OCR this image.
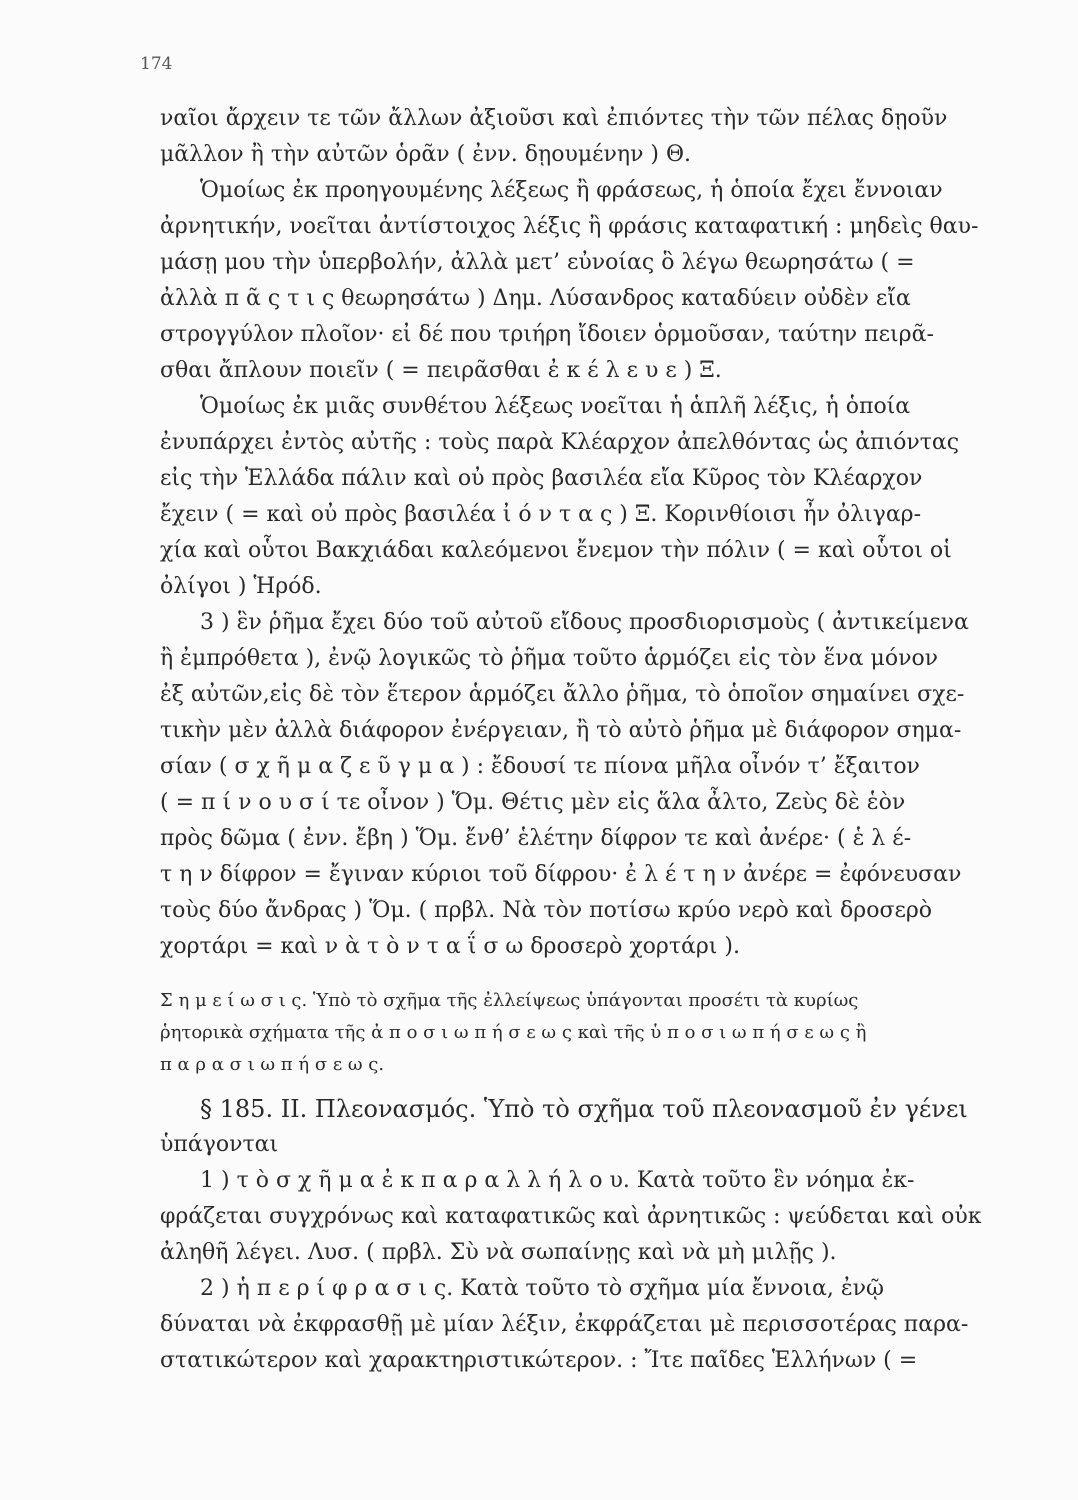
174
ναῖοι ἄρχειν τε τῶν ἄλλων ἀξιοῦσι καὶ ἐπιόντες τὴν τῶν πέλας δῃοῦν
μᾶλλον ἢ τὴν αὐτῶν ὁρᾶν ( ἐνν. δῃουμένην ) Θ.
Ὁμοίως ἐκ προηγουμένης λέξεως ἢ φράσεως, ἡ ὁποία ἔχει ἔννοιαν
ἀρνητικήν, νοεῖται ἀντίστοιχος λέξις ἢ φράσις καταφατική : μηδεὶς θαυ-
μάσῃ μου τὴν ὑπερβολήν, ἀλλὰ μετ’ εὐνοίας ὃ λέγω θεωρησάτω ( =
ἀλλὰ π ᾶ ς τ ι ς θεωρησάτω ) Δημ. Λύσανδρος καταδύειν οὐδὲν εἴα
στρογγύλον πλοῖον· εἰ δέ που τριήρη ἴδοιεν ὁρμοῦσαν, ταύτην πειρᾶ-
σθαι ἄπλουν ποιεῖν ( = πειρᾶσθαι ἐ κ έ λ ε υ ε ) Ξ.
Ὁμοίως ἐκ μιᾶς συνθέτου λέξεως νοεῖται ἡ ἁπλῆ λέξις, ἡ ὁποία
ἐνυπάρχει ἐντὸς αὐτῆς : τοὺς παρὰ Κλέαρχον ἀπελθόντας ὡς ἀπιόντας
εἰς τὴν Ἑλλάδα πάλιν καὶ οὐ πρὸς βασιλέα εἴα Κῦρος τὸν Κλέαρχον
ἔχειν ( = καὶ οὐ πρὸς βασιλέα ἰ ό ν τ α ς ) Ξ. Κορινθίοισι ἦν ὀλιγαρ-
χία καὶ οὗτοι Βακχιάδαι καλεόμενοι ἔνεμον τὴν πόλιν ( = καὶ οὗτοι οἱ
ὀλίγοι ) Ἡρόδ.
3 ) ἓν ῥῆμα ἔχει δύο τοῦ αὐτοῦ εἴδους προσδιορισμοὺς ( ἀντικείμενα
ἢ ἐμπρόθετα ), ἐνῷ λογικῶς τὸ ῥῆμα τοῦτο ἁρμόζει εἰς τὸν ἕνα μόνον
ἐξ αὐτῶν,εἰς δὲ τὸν ἕτερον ἁρμόζει ἄλλο ῥῆμα, τὸ ὁποῖον σημαίνει σχε-
τικὴν μὲν ἀλλὰ διάφορον ἐνέργειαν, ἢ τὸ αὐτὸ ῥῆμα μὲ διάφορον σημα-
σίαν ( σ χ ῆ μ α ζ ε ῦ γ μ α ) : ἔδουσί τε πίονα μῆλα οἶνόν τ’ ἔξαιτον
( = π ί ν ο υ σ ί τε οἶνον ) Ὅμ. Θέτις μὲν εἰς ἅλα ἆλτο, Ζεὺς δὲ ἑὸν
πρὸς δῶμα ( ἐνν. ἔβη ) Ὅμ. ἔνθ’ ἑλέτην δίφρον τε καὶ ἀνέρε· ( ἑ λ έ-
τ η ν δίφρον = ἔγιναν κύριοι τοῦ δίφρου· ἐ λ έ τ η ν ἀνέρε = ἐφόνευσαν
τοὺς δύο ἄνδρας ) Ὅμ. ( πρβλ. Νὰ τὸν ποτίσω κρύο νερὸ καὶ δροσερὸ
χορτάρι = καὶ ν ὰ τ ὸ ν τ α ΐ σ ω δροσερὸ χορτάρι ).
Σ η μ ε ί ω σ ι ς. Ὑπὸ τὸ σχῆμα τῆς ἐλλείψεως ὑπάγονται προσέτι τὰ κυρίως
ῥητορικὰ σχήματα τῆς ἀ π ο σ ι ω π ή σ ε ω ς καὶ τῆς ὑ π ο σ ι ω π ή σ ε ω ς ἢ
π α ρ α σ ι ω π ή σ ε ω ς.
§ 185. II. Πλεονασμός. Ὑπὸ τὸ σχῆμα τοῦ πλεονασμοῦ ἐν γένει
ὑπάγονται
1 ) τ ὸ σ χ ῆ μ α ἐ κ π α ρ α λ λ ή λ ο υ. Κατὰ τοῦτο ἓν νόημα ἐκ-
φράζεται συγχρόνως καὶ καταφατικῶς καὶ ἀρνητικῶς : ψεύδεται καὶ οὐκ
ἀληθῆ λέγει. Λυσ. ( πρβλ. Σὺ νὰ σωπαίνῃς καὶ νὰ μὴ μιλῇς ).
2 ) ἡ π ε ρ ί φ ρ α σ ι ς. Κατὰ τοῦτο τὸ σχῆμα μία ἔννοια, ἐνῷ
δύναται νὰ ἐκφρασθῇ μὲ μίαν λέξιν, ἐκφράζεται μὲ περισσοτέρας παρα-
στατικώτερον καὶ χαρακτηριστικώτερον. : Ἴτε παῖδες Ἑλλήνων ( =
